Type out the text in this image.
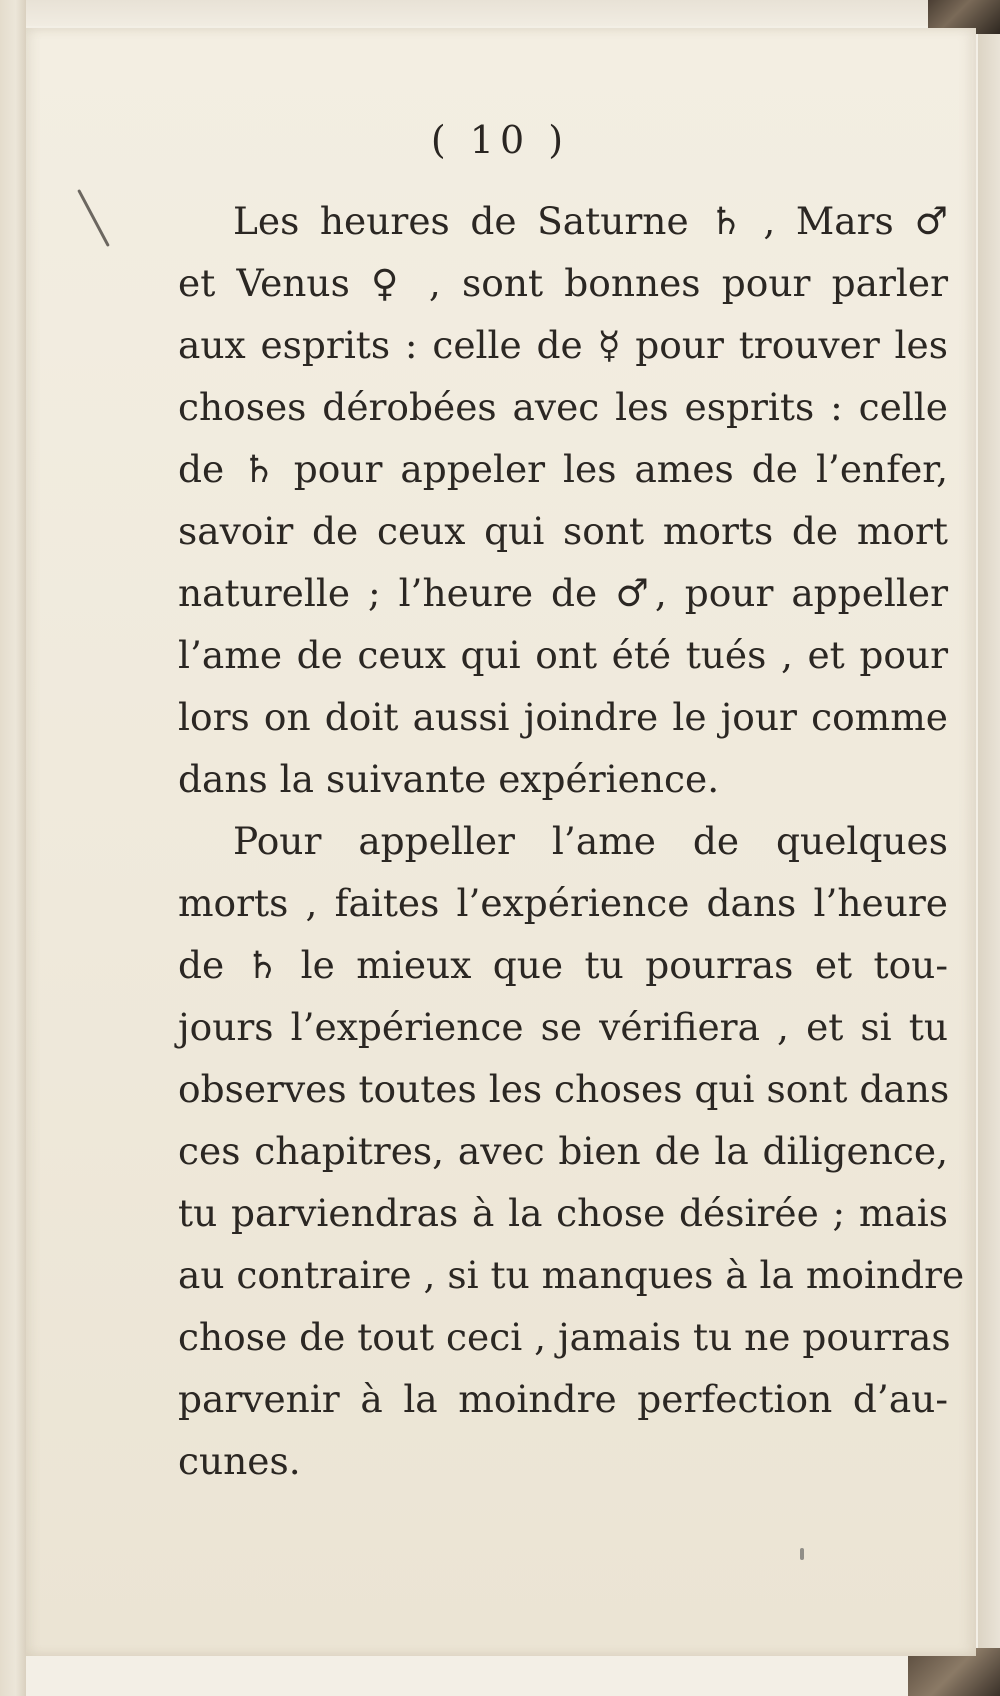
( 10 )
Les heures de Saturne ♄ , Mars ♂
et Venus ♀ , sont bonnes pour parler
aux esprits : celle de ☿ pour trouver les
choses dérobées avec les esprits : celle
de ♄ pour appeler les ames de l’enfer,
savoir de ceux qui sont morts de mort
naturelle ; l’heure de ♂, pour appeller
l’ame de ceux qui ont été tués , et pour
lors on doit aussi joindre le jour comme
dans la suivante expérience.
Pour appeller l’ame de quelques
morts , faites l’expérience dans l’heure
de ♄ le mieux que tu pourras et tou-
jours l’expérience se vérifiera , et si tu
observes toutes les choses qui sont dans
ces chapitres, avec bien de la diligence,
tu parviendras à la chose désirée ; mais
au contraire , si tu manques à la moindre
chose de tout ceci , jamais tu ne pourras
parvenir à la moindre perfection d’au-
cunes.
